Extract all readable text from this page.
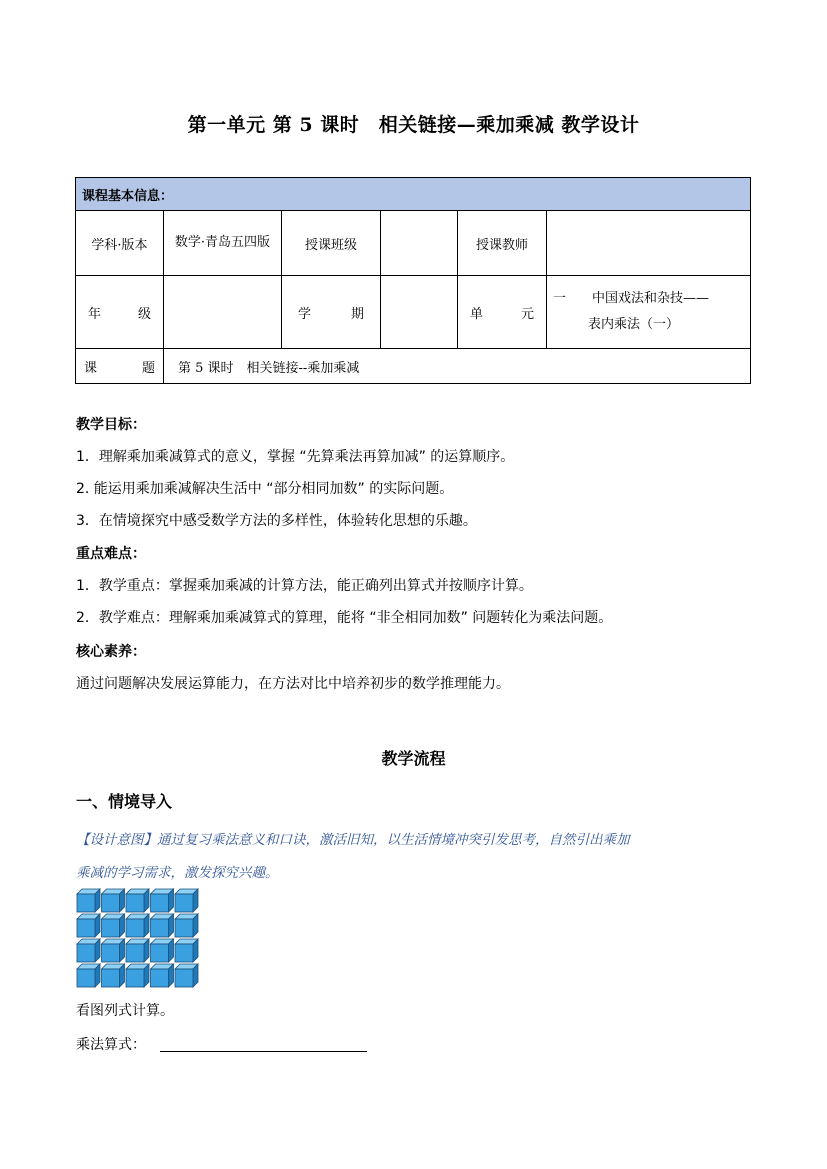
第一单元 第 5 课时　相关链接—乘加乘减 教学设计
课程基本信息：					
学科·版本	数学·青岛五四版	授课班级		授课教师	

年　级		学　期		单　元	一　　中国戏法和杂技——
表内乘法（一）

课　题	第 5 课时　相关链接--乘加乘减				
教学目标：
1．理解乘加乘减算式的意义，掌握 “先算乘法再算加减” 的运算顺序。
2. 能运用乘加乘减解决生活中 “部分相同加数” 的实际问题。
3．在情境探究中感受数学方法的多样性，体验转化思想的乐趣。
重点难点：
1．教学重点：掌握乘加乘减的计算方法，能正确列出算式并按顺序计算。
2．教学难点：理解乘加乘减算式的算理，能将 “非全相同加数” 问题转化为乘法问题。
核心素养：
通过问题解决发展运算能力，在方法对比中培养初步的数学推理能力。
教学流程
一、情境导入
【设计意图】通过复习乘法意义和口诀，激活旧知，以生活情境冲突引发思考，自然引出乘加
乘减的学习需求，激发探究兴趣。
看图列式计算。
乘法算式：
